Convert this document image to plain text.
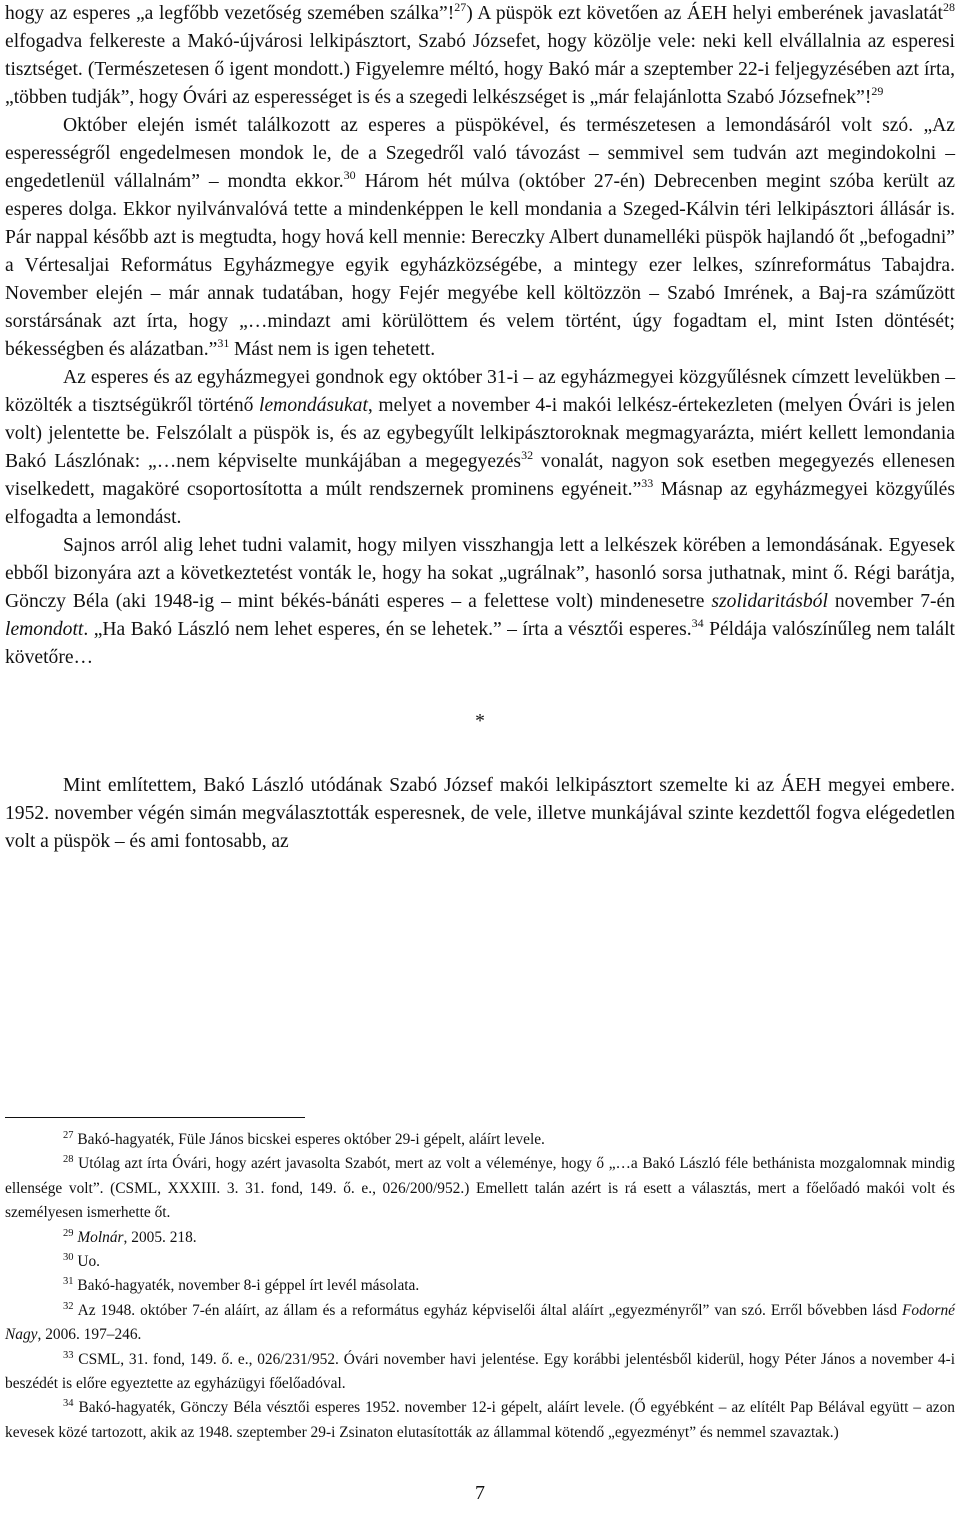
hogy az esperes „a legfőbb vezetőség szemében szálka”!$^{27}$) A püspök ezt követően az ÁEH helyi emberének javaslatát$^{28}$ elfogadva felkereste a Makó-újvárosi lelkipásztort, Szabó Józsefet, hogy közölje vele: neki kell elvállalnia az esperesi tisztséget. (Természetesen ő igent mondott.) Figyelemre méltó, hogy Bakó már a szeptember 22-i feljegyzésében azt írta, „többen tudják”, hogy Óvári az esperességet is és a szegedi lelkészséget is „már felajánlotta Szabó Józsefnek”!$^{29}$

Október elején ismét találkozott az esperes a püspökével, és természetesen a lemondásáról volt szó. „Az esperességről engedelmesen mondok le, de a Szegedről való távozást – semmivel sem tudván azt megindokolni – engedetlenül vállalnám” – mondta ekkor.$^{30}$ Három hét múlva (október 27-én) Debrecenben megint szóba került az esperes dolga. Ekkor nyilvánvalóvá tette a mindenképpen le kell mondania a Szeged-Kálvin téri lelkipásztori állásár is. Pár nappal később azt is megtudta, hogy hová kell mennie: Bereczky Albert dunamelléki püspök hajlandó őt „befogadni” a Vértesaljai Református Egyházmegye egyik egyházközségébe, a mintegy ezer lelkes, színreformátus Tabajdra. November elején – már annak tudatában, hogy Fejér megyébe kell költözzön – Szabó Imrének, a Baj-ra száműzött sorstársának azt írta, hogy „…mindazt ami körülöttem és velem történt, úgy fogadtam el, mint Isten döntését; békességben és alázatban.”$^{31}$ Mást nem is igen tehetett.

Az esperes és az egyházmegyei gondnok egy október 31-i – az egyházmegyei közgyűlésnek címzett levelükben – közölték a tisztségükről történő lemondásukat, melyet a november 4-i makói lelkész-értekezleten (melyen Óvári is jelen volt) jelentette be. Felszólalt a püspök is, és az egybegyűlt lelkipásztoroknak megmagyarázta, miért kellett lemondania Bakó Lászlónak: „…nem képviselte munkájában a megegyezés$^{32}$ vonalát, nagyon sok esetben megegyezés ellenesen viselkedett, magaköré csoportosította a múlt rendszernek prominens egyéneit.”$^{33}$ Másnap az egyházmegyei közgyűlés elfogadta a lemondást.

Sajnos arról alig lehet tudni valamit, hogy milyen visszhangja lett a lelkészek körében a lemondásának. Egyesek ebből bizonyára azt a következtetést vonták le, hogy ha sokat „ugrálnak”, hasonló sorsa juthatnak, mint ő. Régi barátja, Gönczy Béla (aki 1948-ig – mint békés-bánáti esperes – a felettese volt) mindenesetre szolidaritásból november 7-én lemondott. „Ha Bakó László nem lehet esperes, én se lehetek.” – írta a vésztői esperes.$^{34}$ Példája valószínűleg nem talált követőre…

*

Mint említettem, Bakó László utódának Szabó József makói lelkipásztort szemelte ki az ÁEH megyei embere. 1952. november végén simán megválasztották esperesnek, de vele, illetve munkájával szinte kezdettől fogva elégedetlen volt a püspök – és ami fontosabb, az

$^{27}$ Bakó-hagyaték, Füle János bicskei esperes október 29-i gépelt, aláírt levele.

$^{28}$ Utólag azt írta Óvári, hogy azért javasolta Szabót, mert az volt a véleménye, hogy ő „…a Bakó László féle bethánista mozgalomnak mindig ellensége volt”. (CSML, XXXIII. 3. 31. fond, 149. ő. e., 026/200/952.) Emellett talán azért is rá esett a választás, mert a főelőadó makói volt és személyesen ismerhette őt.

$^{29}$ Molnár, 2005. 218.

$^{30}$ Uo.

$^{31}$ Bakó-hagyaték, november 8-i géppel írt levél másolata.

$^{32}$ Az 1948. október 7-én aláírt, az állam és a református egyház képviselői által aláírt „egyezményről” van szó. Erről bővebben lásd Fodorné Nagy, 2006. 197–246.

$^{33}$ CSML, 31. fond, 149. ő. e., 026/231/952. Óvári november havi jelentése. Egy korábbi jelentésből kiderül, hogy Péter János a november 4-i beszédét is előre egyeztette az egyházügyi főelőadóval.

$^{34}$ Bakó-hagyaték, Gönczy Béla vésztői esperes 1952. november 12-i gépelt, aláírt levele. (Ő egyébként – az elítélt Pap Bélával együtt – azon kevesek közé tartozott, akik az 1948. szeptember 29-i Zsinaton elutasították az állammal kötendő „egyezményt” és nemmel szavaztak.)

7
